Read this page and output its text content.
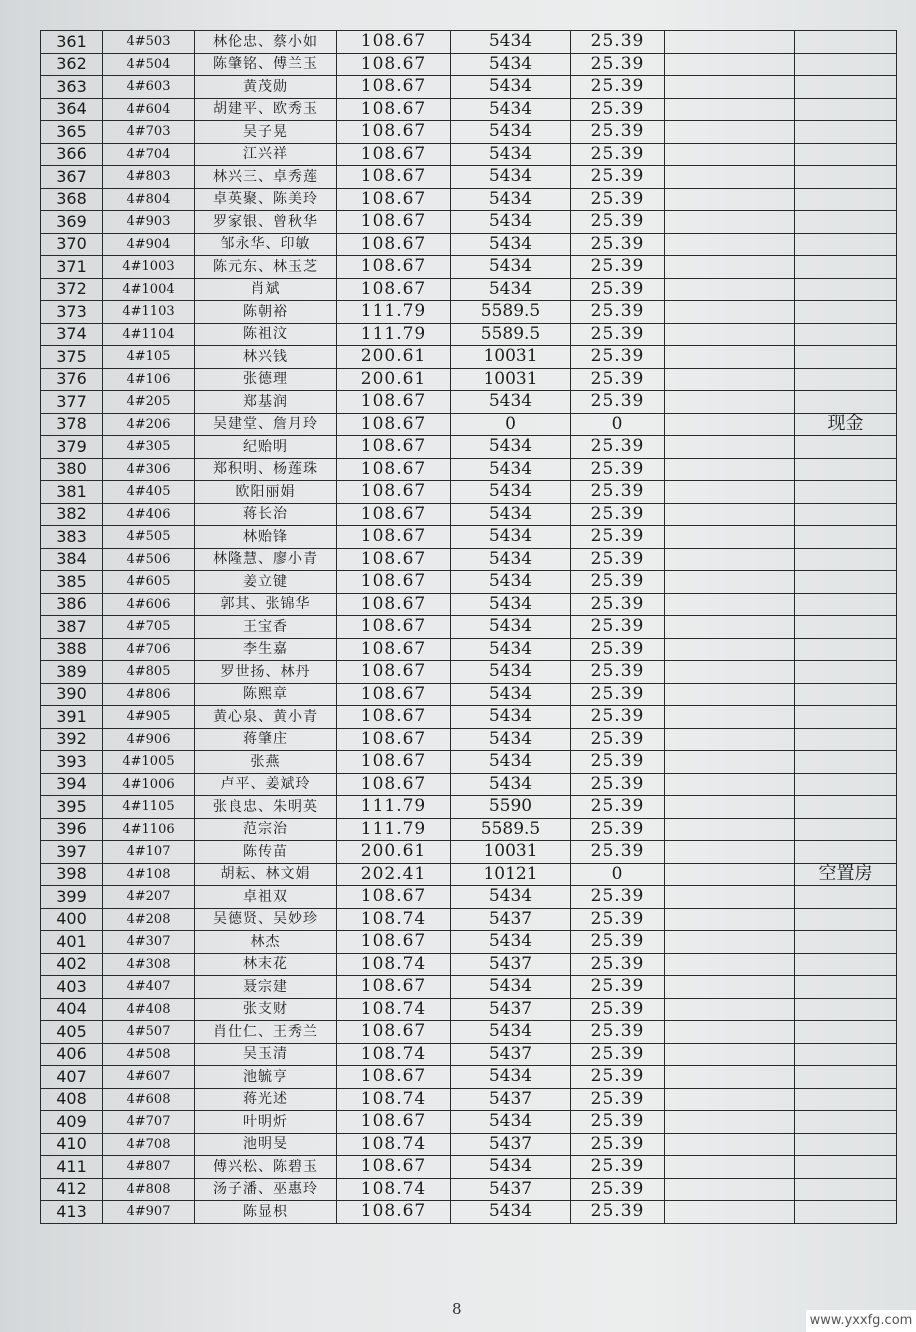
361	4#503	林伦忠、蔡小如	108.67	5434	25.39		
362	4#504	陈肇铭、傅兰玉	108.67	5434	25.39		
363	4#603	黄茂勋	108.67	5434	25.39		
364	4#604	胡建平、欧秀玉	108.67	5434	25.39		
365	4#703	吴子晃	108.67	5434	25.39		
366	4#704	江兴祥	108.67	5434	25.39		
367	4#803	林兴三、卓秀莲	108.67	5434	25.39		
368	4#804	卓英聚、陈美玲	108.67	5434	25.39		
369	4#903	罗家银、曾秋华	108.67	5434	25.39		
370	4#904	邹永华、印敏	108.67	5434	25.39		
371	4#1003	陈元东、林玉芝	108.67	5434	25.39		
372	4#1004	肖斌	108.67	5434	25.39		
373	4#1103	陈朝裕	111.79	5589.5	25.39		
374	4#1104	陈祖汶	111.79	5589.5	25.39		
375	4#105	林兴钱	200.61	10031	25.39		
376	4#106	张德理	200.61	10031	25.39		
377	4#205	郑基润	108.67	5434	25.39		
378	4#206	吴建堂、詹月玲	108.67	0	0		现金
379	4#305	纪贻明	108.67	5434	25.39		
380	4#306	郑积明、杨莲珠	108.67	5434	25.39		
381	4#405	欧阳丽娟	108.67	5434	25.39		
382	4#406	蒋长治	108.67	5434	25.39		
383	4#505	林贻锋	108.67	5434	25.39		
384	4#506	林隆慧、廖小青	108.67	5434	25.39		
385	4#605	姜立键	108.67	5434	25.39		
386	4#606	郭其、张锦华	108.67	5434	25.39		
387	4#705	王宝香	108.67	5434	25.39		
388	4#706	李生嘉	108.67	5434	25.39		
389	4#805	罗世扬、林丹	108.67	5434	25.39		
390	4#806	陈熙章	108.67	5434	25.39		
391	4#905	黄心泉、黄小青	108.67	5434	25.39		
392	4#906	蒋肇庄	108.67	5434	25.39		
393	4#1005	张燕	108.67	5434	25.39		
394	4#1006	卢平、姜斌玲	108.67	5434	25.39		
395	4#1105	张良忠、朱明英	111.79	5590	25.39		
396	4#1106	范宗治	111.79	5589.5	25.39		
397	4#107	陈传苗	200.61	10031	25.39		
398	4#108	胡耘、林文娟	202.41	10121	0		空置房
399	4#207	卓祖双	108.67	5434	25.39		
400	4#208	吴德贤、吴妙珍	108.74	5437	25.39		
401	4#307	林杰	108.67	5434	25.39		
402	4#308	林末花	108.74	5437	25.39		
403	4#407	聂宗建	108.67	5434	25.39		
404	4#408	张支财	108.74	5437	25.39		
405	4#507	肖仕仁、王秀兰	108.67	5434	25.39		
406	4#508	吴玉清	108.74	5437	25.39		
407	4#607	池毓亨	108.67	5434	25.39		
408	4#608	蒋光述	108.74	5437	25.39		
409	4#707	叶明炘	108.67	5434	25.39		
410	4#708	池明旻	108.74	5437	25.39		
411	4#807	傅兴松、陈碧玉	108.67	5434	25.39		
412	4#808	汤子潘、巫惠玲	108.74	5437	25.39		
413	4#907	陈显枳	108.67	5434	25.39		
8
www.yxxfg.com
